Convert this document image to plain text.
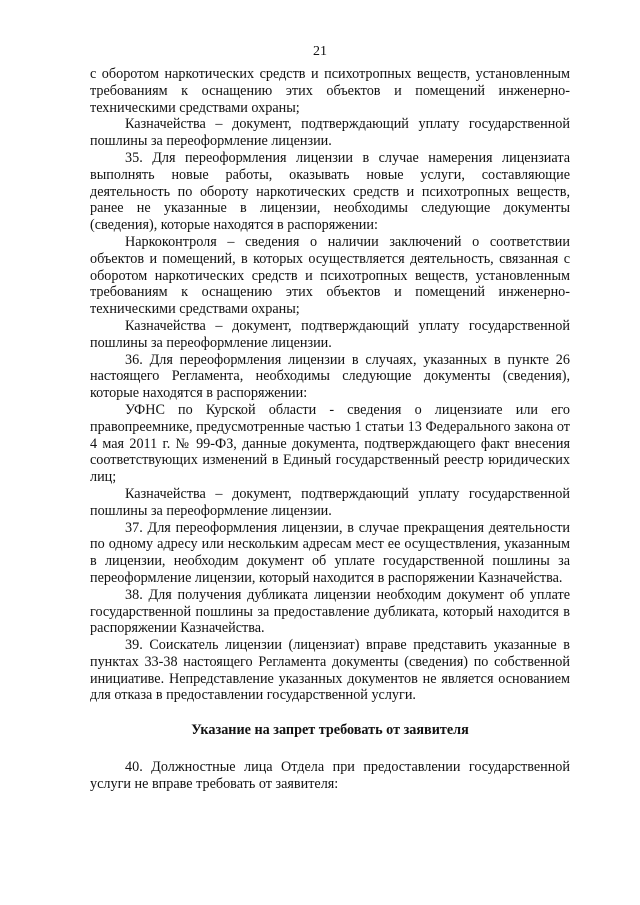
21

с оборотом наркотических средств и психотропных веществ, установленным требованиям к оснащению этих объектов и помещений инженерно-техническими средствами охраны;

Казначейства – документ, подтверждающий уплату государственной пошлины за переоформление лицензии.

35. Для переоформления лицензии в случае намерения лицензиата выполнять новые работы, оказывать новые услуги, составляющие деятельность по обороту наркотических средств и психотропных веществ, ранее не указанные в лицензии, необходимы следующие документы (сведения), которые находятся в распоряжении:

Наркоконтроля – сведения о наличии заключений о соответствии объектов и помещений, в которых осуществляется деятельность, связанная с оборотом наркотических средств и психотропных веществ, установленным требованиям к оснащению этих объектов и помещений инженерно-техническими средствами охраны;

Казначейства – документ, подтверждающий уплату государственной пошлины за переоформление лицензии.

36. Для переоформления лицензии в случаях, указанных в пункте 26 настоящего Регламента, необходимы следующие документы (сведения), которые находятся в распоряжении:

УФНС по Курской области - сведения о лицензиате или его правопреемнике, предусмотренные частью 1 статьи 13 Федерального закона от 4 мая 2011 г. № 99-ФЗ, данные документа, подтверждающего факт внесения соответствующих изменений в Единый государственный реестр юридических лиц;

Казначейства – документ, подтверждающий уплату государственной пошлины за переоформление лицензии.

37. Для переоформления лицензии, в случае прекращения деятельности по одному адресу или нескольким адресам мест ее осуществления, указанным в лицензии, необходим документ об уплате государственной пошлины за переоформление лицензии, который находится в распоряжении Казначейства.

38. Для получения дубликата лицензии необходим документ об уплате государственной пошлины за предоставление дубликата, который находится в распоряжении Казначейства.

39. Соискатель лицензии (лицензиат) вправе представить указанные в пунктах 33-38 настоящего Регламента документы (сведения) по собственной инициативе. Непредставление указанных документов не является основанием для отказа в предоставлении государственной услуги.

Указание на запрет требовать от заявителя

40. Должностные лица Отдела при предоставлении государственной услуги не вправе требовать от заявителя:
